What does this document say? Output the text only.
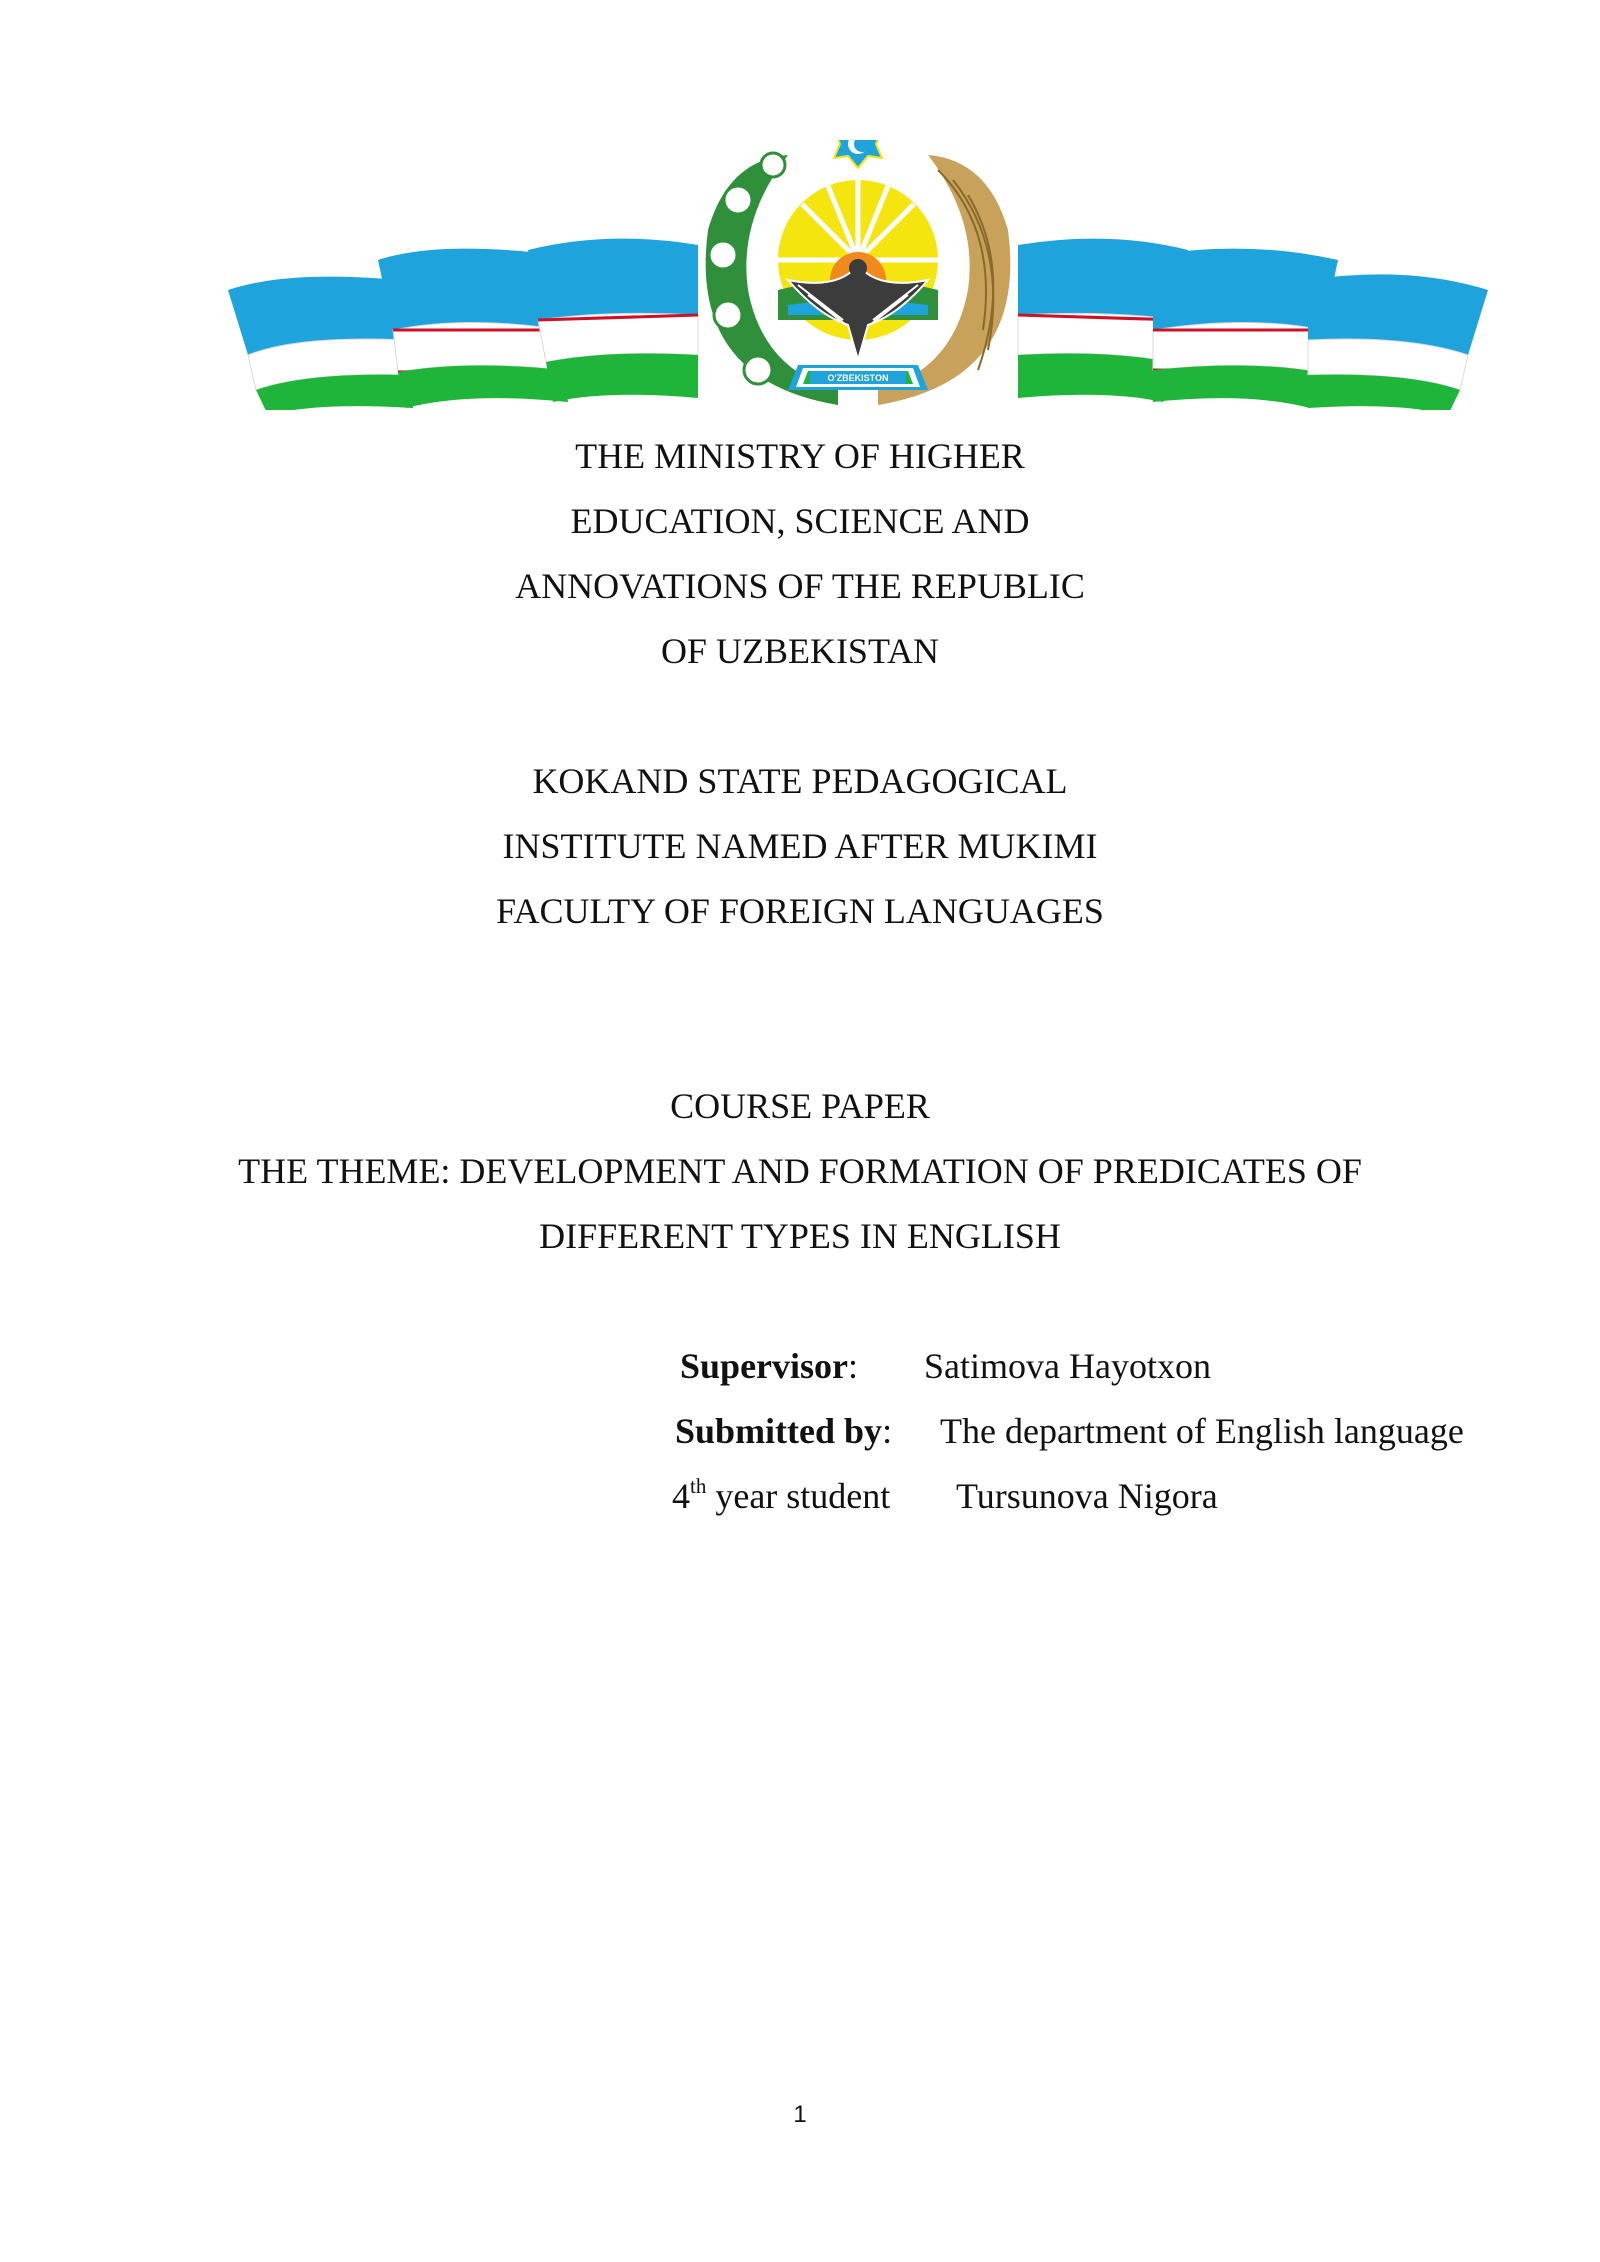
O'ZBEKISTON
THE MINISTRY OF HIGHER
EDUCATION, SCIENCE AND
ANNOVATIONS OF THE REPUBLIC
OF UZBEKISTAN
KOKAND STATE PEDAGOGICAL
INSTITUTE NAMED AFTER MUKIMI
FACULTY OF FOREIGN LANGUAGES
COURSE PAPER
THE THEME: DEVELOPMENT AND FORMATION OF PREDICATES OF
DIFFERENT TYPES IN ENGLISH
Supervisor: Satimova Hayotxon
Submitted by: The department of English language
4th year student Tursunova Nigora
1
